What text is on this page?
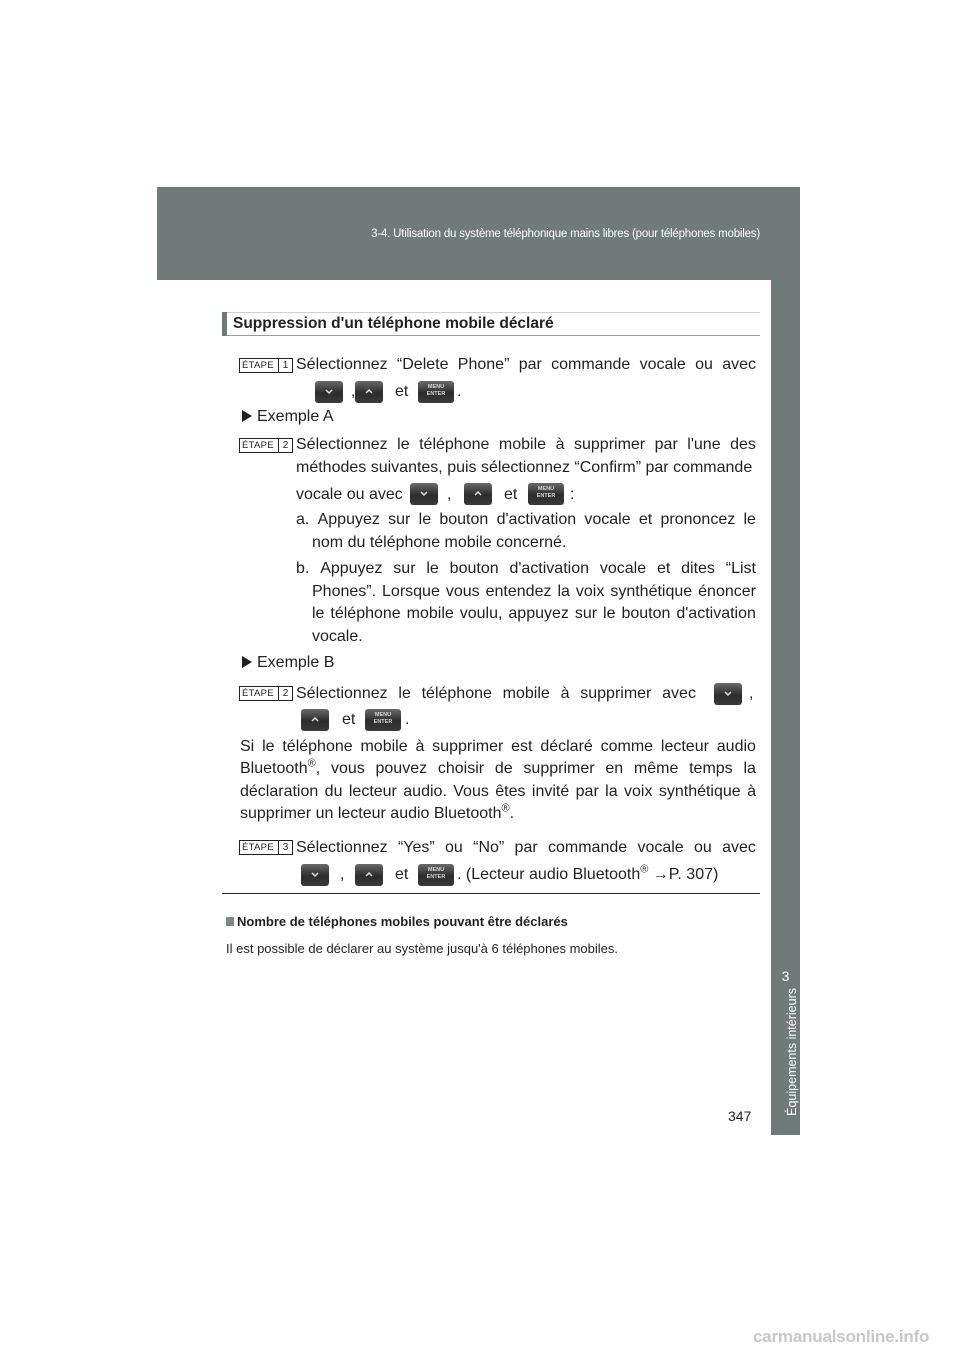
3-4. Utilisation du système téléphonique mains libres (pour téléphones mobiles)
3
Équipements intérieurs
Suppression d'un téléphone mobile déclaré
ÉTAPE 1 Sélectionnez “Delete Phone” par commande vocale ou avec
, et	MENU
ENTER .
Exemple A
ÉTAPE 2 Sélectionnez le téléphone mobile à supprimer par l'une des
méthodes suivantes, puis sélectionnez “Confirm” par commande
vocale ou avec	,	et	MENU
ENTER :
a. Appuyez sur le bouton d'activation vocale et prononcez le
nom du téléphone mobile concerné.
b. Appuyez sur le bouton d'activation vocale et dites “List
Phones”. Lorsque vous entendez la voix synthétique énoncer
le téléphone mobile voulu, appuyez sur le bouton d'activation
vocale.
Exemple B
ÉTAPE 2 Sélectionnez le téléphone mobile à supprimer avec	,
et	MENU
ENTER .
Si le téléphone mobile à supprimer est déclaré comme lecteur audio
Bluetooth®, vous pouvez choisir de supprimer en même temps la
déclaration du lecteur audio. Vous êtes invité par la voix synthétique à
supprimer un lecteur audio Bluetooth®.
ÉTAPE 3 Sélectionnez “Yes” ou “No” par commande vocale ou avec
,	et	MENU
ENTER . (Lecteur audio Bluetooth® →P. 307)
Nombre de téléphones mobiles pouvant être déclarés
Il est possible de déclarer au système jusqu'à 6 téléphones mobiles.
347
carmanualsonline.info
